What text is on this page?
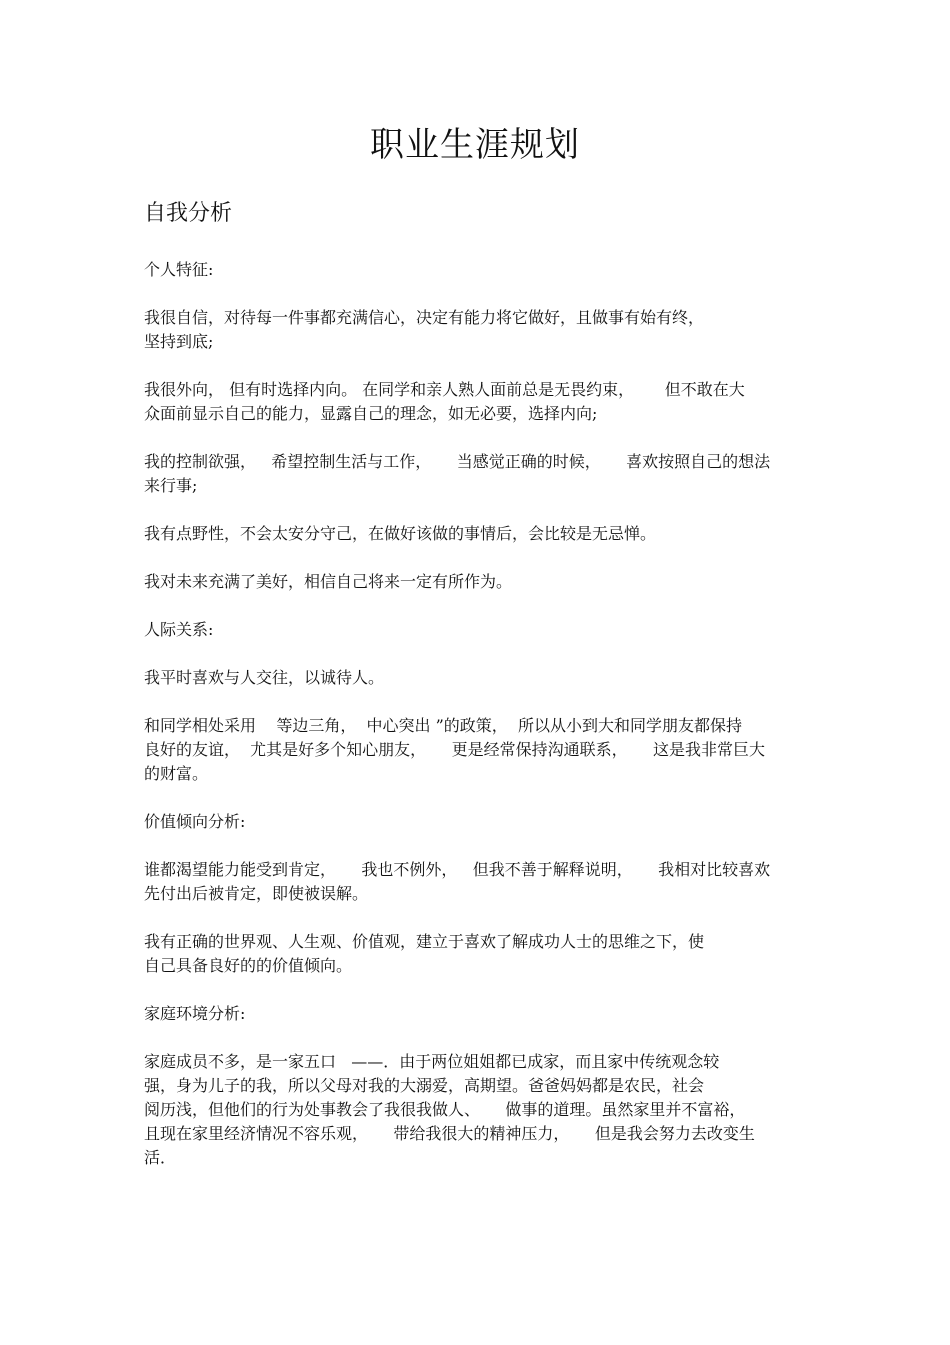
职业生涯规划
自我分析

个人特征:

我很自信，对待每一件事都充满信心，决定有能力将它做好，且做事有始有终，
坚持到底;

我很外向， 但有时选择内向。 在同学和亲人熟人面前总是无畏约束，      但不敢在大
众面前显示自己的能力，显露自己的理念，如无必要，选择内向;

我的控制欲强，   希望控制生活与工作，     当感觉正确的时候，     喜欢按照自己的想法
来行事;

我有点野性，不会太安分守己，在做好该做的事情后，会比较是无忌惮。

我对未来充满了美好，相信自己将来一定有所作为。

人际关系:

我平时喜欢与人交往，以诚待人。

和同学相处采用    等边三角，  中心突出 ”的政策，  所以从小到大和同学朋友都保持
良好的友谊，  尤其是好多个知心朋友，     更是经常保持沟通联系，     这是我非常巨大
的财富。

价值倾向分析:

谁都渴望能力能受到肯定，     我也不例外，   但我不善于解释说明，     我相对比较喜欢
先付出后被肯定，即使被误解。

我有正确的世界观、人生观、价值观，建立于喜欢了解成功人士的思维之下，使
自己具备良好的的价值倾向。

家庭环境分析:

家庭成员不多，是一家五口   ——．由于两位姐姐都已成家，而且家中传统观念较
强，身为儿子的我，所以父母对我的大溺爱，高期望。爸爸妈妈都是农民，社会
阅历浅，但他们的行为处事教会了我很我做人、     做事的道理。虽然家里并不富裕，
且现在家里经济情况不容乐观，     带给我很大的精神压力，     但是我会努力去改变生
活．
